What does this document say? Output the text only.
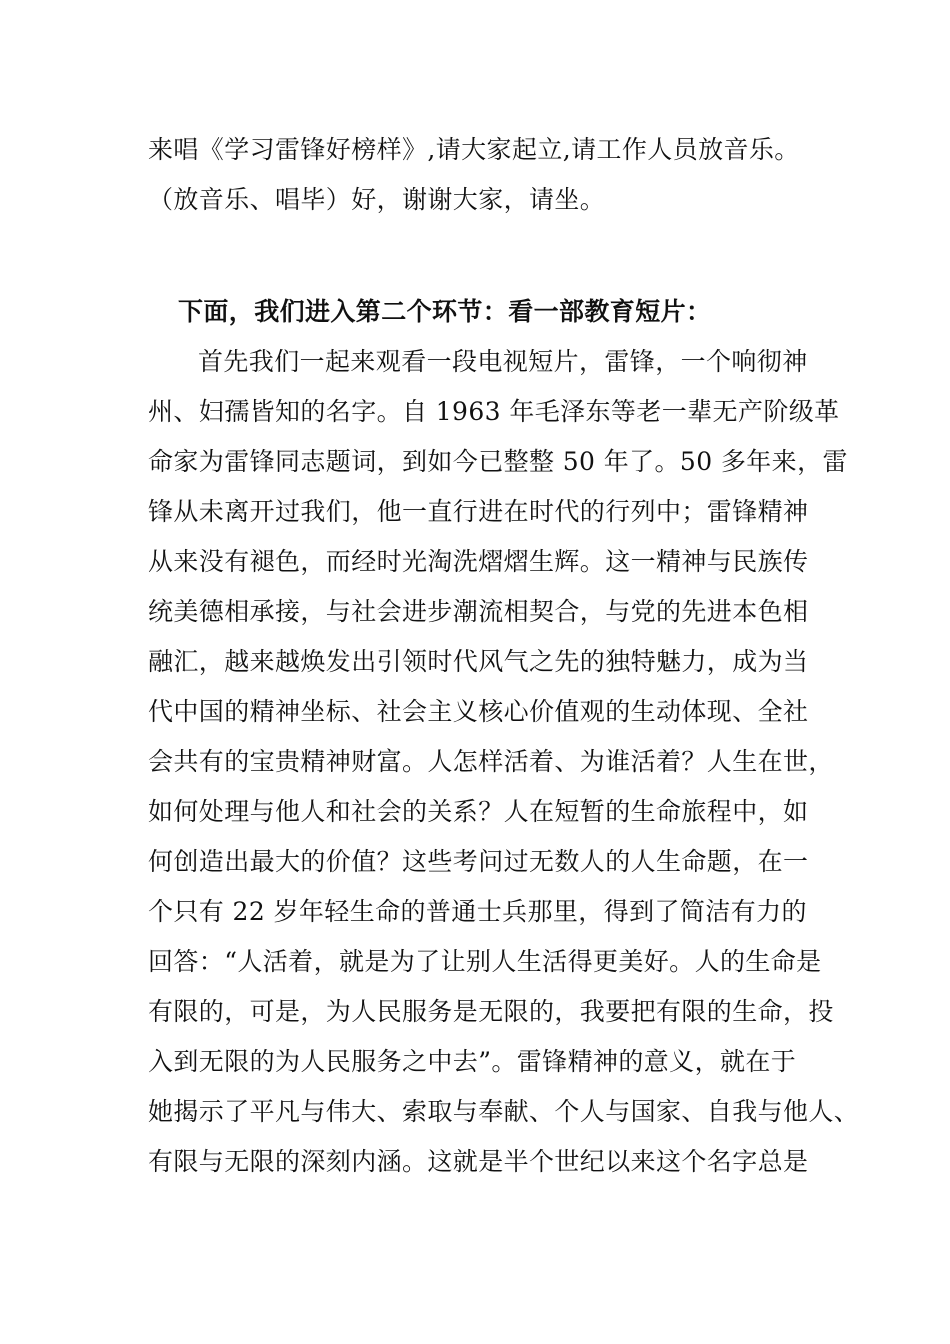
来唱《学习雷锋好榜样》,请大家起立,请工作人员放音乐。
（放音乐、唱毕）好，谢谢大家，请坐。
下面，我们进入第二个环节：看一部教育短片：
首先我们一起来观看一段电视短片，雷锋，一个响彻神
州、妇孺皆知的名字。自 1963 年毛泽东等老一辈无产阶级革
命家为雷锋同志题词，到如今已整整 50 年了。50 多年来，雷
锋从未离开过我们，他一直行进在时代的行列中；雷锋精神
从来没有褪色，而经时光淘洗熠熠生辉。这一精神与民族传
统美德相承接，与社会进步潮流相契合，与党的先进本色相
融汇，越来越焕发出引领时代风气之先的独特魅力，成为当
代中国的精神坐标、社会主义核心价值观的生动体现、全社
会共有的宝贵精神财富。人怎样活着、为谁活着？人生在世，
如何处理与他人和社会的关系？人在短暂的生命旅程中，如
何创造出最大的价值？这些考问过无数人的人生命题，在一
个只有 22 岁年轻生命的普通士兵那里，得到了简洁有力的
回答：“人活着，就是为了让别人生活得更美好。人的生命是
有限的，可是，为人民服务是无限的，我要把有限的生命，投
入到无限的为人民服务之中去”。雷锋精神的意义，就在于
她揭示了平凡与伟大、索取与奉献、个人与国家、自我与他人、
有限与无限的深刻内涵。这就是半个世纪以来这个名字总是
